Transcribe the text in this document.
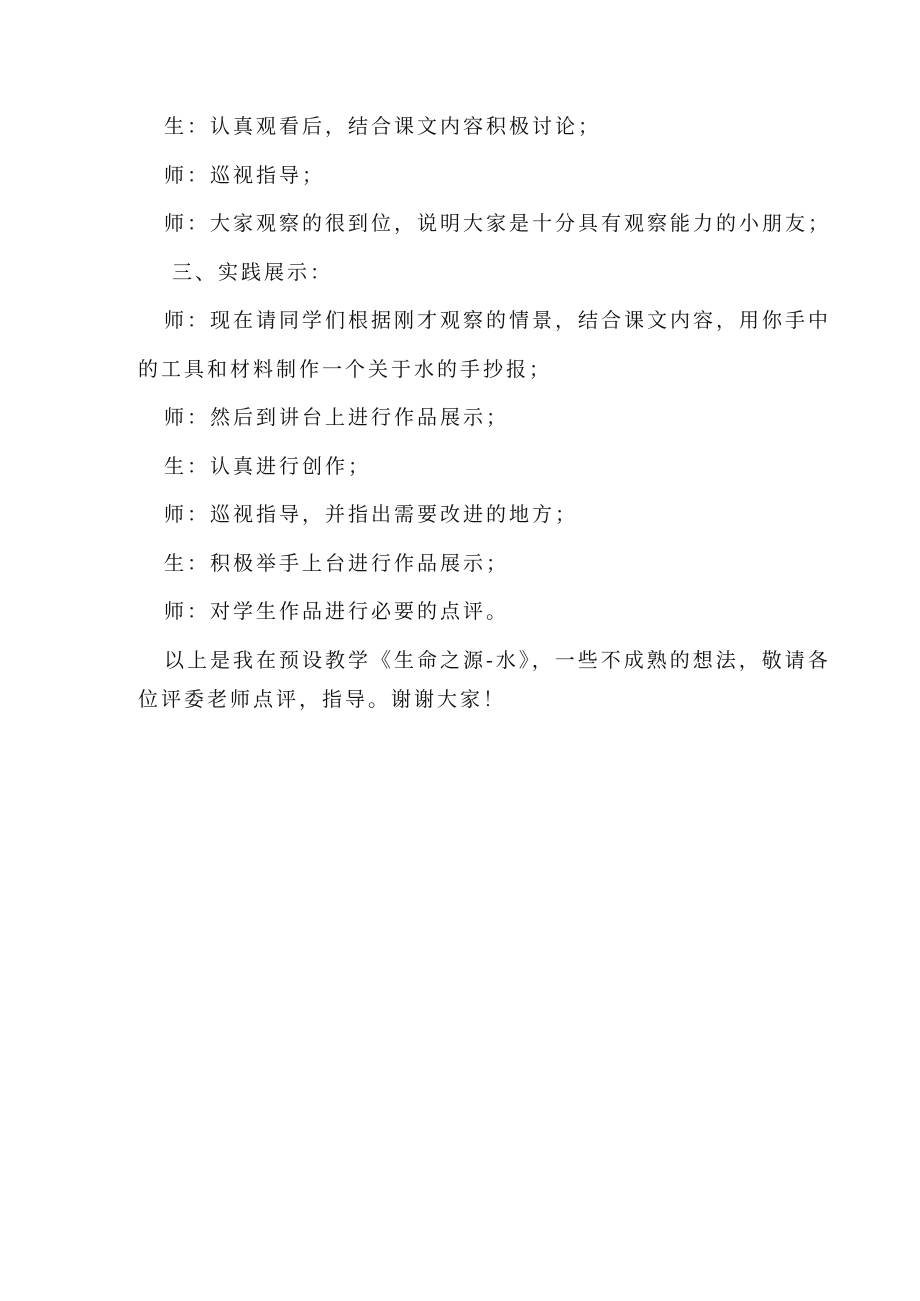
生：认真观看后，结合课文内容积极讨论；
师：巡视指导；
师：大家观察的很到位，说明大家是十分具有观察能力的小朋友；
三、实践展示：
师：现在请同学们根据刚才观察的情景，结合课文内容，用你手中
的工具和材料制作一个关于水的手抄报；
师：然后到讲台上进行作品展示；
生：认真进行创作；
师：巡视指导，并指出需要改进的地方；
生：积极举手上台进行作品展示；
师：对学生作品进行必要的点评。
以上是我在预设教学《生命之源-水》，一些不成熟的想法，敬请各
位评委老师点评，指导。谢谢大家！
